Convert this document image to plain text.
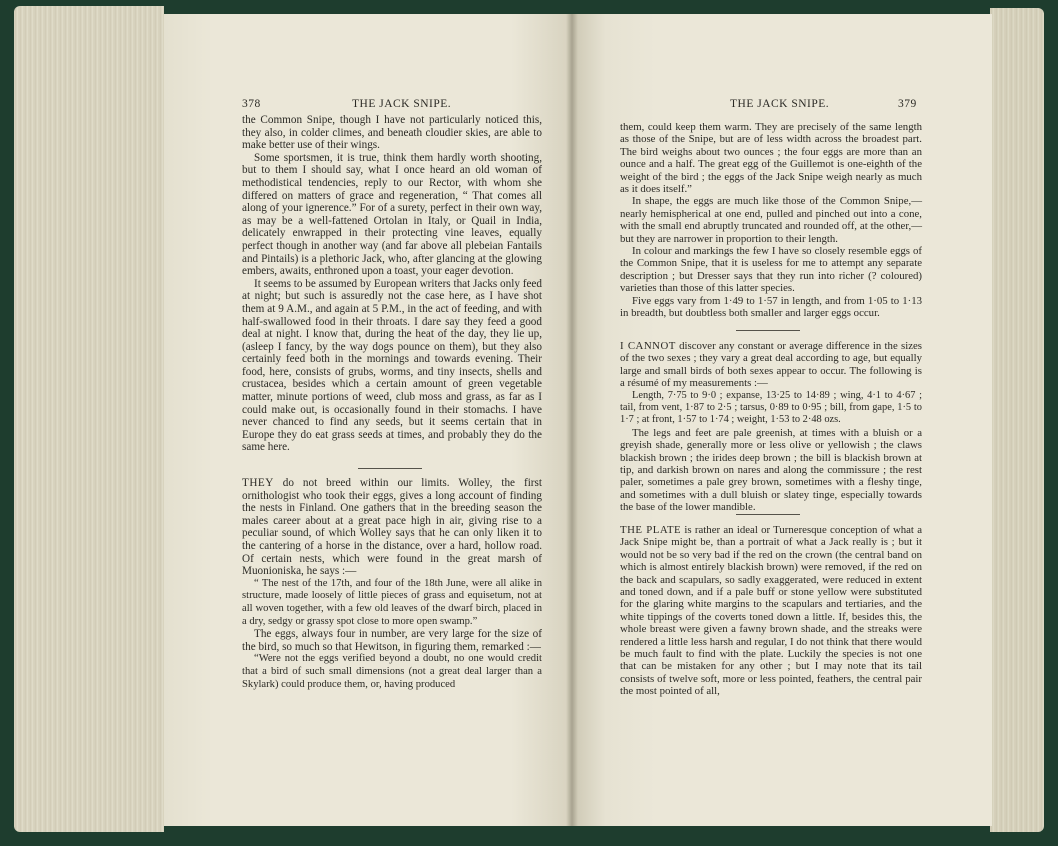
378	THE JACK SNIPE.

the Common Snipe, though I have not particularly noticed this, they also, in colder climes, and beneath cloudier skies, are able to make better use of their wings.

Some sportsmen, it is true, think them hardly worth shooting, but to them I should say, what I once heard an old woman of methodistical tendencies, reply to our Rector, with whom she differed on matters of grace and regeneration, “ That comes all along of your ignerence.” For of a surety, perfect in their own way, as may be a well-fattened Ortolan in Italy, or Quail in India, delicately enwrapped in their protecting vine leaves, equally perfect though in another way (and far above all plebeian Fantails and Pintails) is a plethoric Jack, who, after glancing at the glowing embers, awaits, enthroned upon a toast, your eager devotion.

It seems to be assumed by European writers that Jacks only feed at night; but such is assuredly not the case here, as I have shot them at 9 A.M., and again at 5 P.M., in the act of feeding, and with half-swallowed food in their throats. I dare say they feed a good deal at night. I know that, during the heat of the day, they lie up, (asleep I fancy, by the way dogs pounce on them), but they also certainly feed both in the mornings and towards evening. Their food, here, consists of grubs, worms, and tiny insects, shells and crustacea, besides which a certain amount of green vegetable matter, minute portions of weed, club moss and grass, as far as I could make out, is occasionally found in their stomachs. I have never chanced to find any seeds, but it seems certain that in Europe they do eat grass seeds at times, and probably they do the same here.

THEY do not breed within our limits. Wolley, the first ornithologist who took their eggs, gives a long account of finding the nests in Finland. One gathers that in the breeding season the males career about at a great pace high in air, giving rise to a peculiar sound, of which Wolley says that he can only liken it to the cantering of a horse in the distance, over a hard, hollow road. Of certain nests, which were found in the great marsh of Muonioniska, he says :—

“ The nest of the 17th, and four of the 18th June, were all alike in structure, made loosely of little pieces of grass and equisetum, not at all woven together, with a few old leaves of the dwarf birch, placed in a dry, sedgy or grassy spot close to more open swamp.”

The eggs, always four in number, are very large for the size of the bird, so much so that Hewitson, in figuring them, remarked :—

“Were not the eggs verified beyond a doubt, no one would credit that a bird of such small dimensions (not a great deal larger than a Skylark) could produce them, or, having produced

THE JACK SNIPE.	379

them, could keep them warm. They are precisely of the same length as those of the Snipe, but are of less width across the broadest part. The bird weighs about two ounces ; the four eggs are more than an ounce and a half. The great egg of the Guillemot is one-eighth of the weight of the bird ; the eggs of the Jack Snipe weigh nearly as much as it does itself.”

In shape, the eggs are much like those of the Common Snipe,— nearly hemispherical at one end, pulled and pinched out into a cone, with the small end abruptly truncated and rounded off, at the other,—but they are narrower in proportion to their length.

In colour and markings the few I have so closely resemble eggs of the Common Snipe, that it is useless for me to attempt any separate description ; but Dresser says that they run into richer (? coloured) varieties than those of this latter species.

Five eggs vary from 1·49 to 1·57 in length, and from 1·05 to 1·13 in breadth, but doubtless both smaller and larger eggs occur.

I CANNOT discover any constant or average difference in the sizes of the two sexes ; they vary a great deal according to age, but equally large and small birds of both sexes appear to occur. The following is a résumé of my measurements :—

Length, 7·75 to 9·0 ; expanse, 13·25 to 14·89 ; wing, 4·1 to 4·67 ; tail, from vent, 1·87 to 2·5 ; tarsus, 0·89 to 0·95 ; bill, from gape, 1·5 to 1·7 ; at front, 1·57 to 1·74 ; weight, 1·53 to 2·48 ozs.

The legs and feet are pale greenish, at times with a bluish or a greyish shade, generally more or less olive or yellowish ; the claws blackish brown ; the irides deep brown ; the bill is blackish brown at tip, and darkish brown on nares and along the commissure ; the rest paler, sometimes a pale grey brown, sometimes with a fleshy tinge, and sometimes with a dull bluish or slatey tinge, especially towards the base of the lower mandible.

THE PLATE is rather an ideal or Turneresque conception of what a Jack Snipe might be, than a portrait of what a Jack really is ; but it would not be so very bad if the red on the crown (the central band on which is almost entirely blackish brown) were removed, if the red on the back and scapulars, so sadly exaggerated, were reduced in extent and toned down, and if a pale buff or stone yellow were substituted for the glaring white margins to the scapulars and tertiaries, and the white tippings of the coverts toned down a little. If, besides this, the whole breast were given a fawny brown shade, and the streaks were rendered a little less harsh and regular, I do not think that there would be much fault to find with the plate. Luckily the species is not one that can be mistaken for any other ; but I may note that its tail consists of twelve soft, more or less pointed, feathers, the central pair the most pointed of all,
